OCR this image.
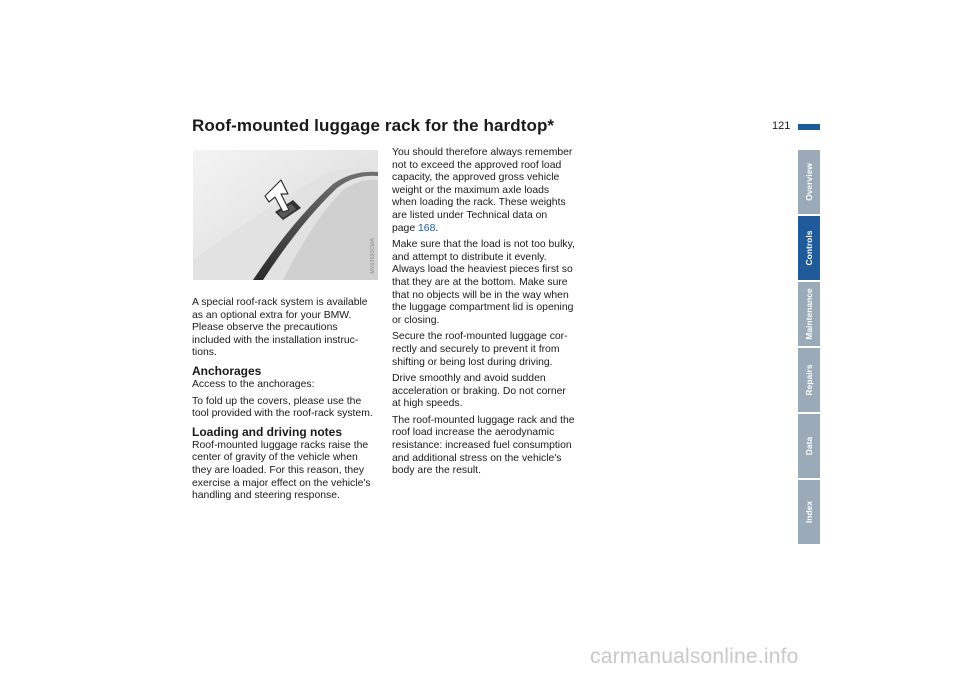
Roof-mounted luggage rack for the hardtop*	121
MV03593CMA

A special roof-rack system is available
as an optional extra for your BMW.
Please observe the precautions
included with the installation instruc-
tions.

Anchorages

Access to the anchorages:

To fold up the covers, please use the
tool provided with the roof-rack system.

Loading and driving notes

Roof-mounted luggage racks raise the
center of gravity of the vehicle when
they are loaded. For this reason, they
exercise a major effect on the vehicle's
handling and steering response.

You should therefore always remember
not to exceed the approved roof load
capacity, the approved gross vehicle
weight or the maximum axle loads
when loading the rack. These weights
are listed under Technical data on
page 168.

Make sure that the load is not too bulky,
and attempt to distribute it evenly.
Always load the heaviest pieces first so
that they are at the bottom. Make sure
that no objects will be in the way when
the luggage compartment lid is opening
or closing.

Secure the roof-mounted luggage cor-
rectly and securely to prevent it from
shifting or being lost during driving.

Drive smoothly and avoid sudden
acceleration or braking. Do not corner
at high speeds.

The roof-mounted luggage rack and the
roof load increase the aerodynamic
resistance: increased fuel consumption
and additional stress on the vehicle's
body are the result.

Overview
Controls
Maintenance
Repairs
Data
Index
carmanualsonline.info
